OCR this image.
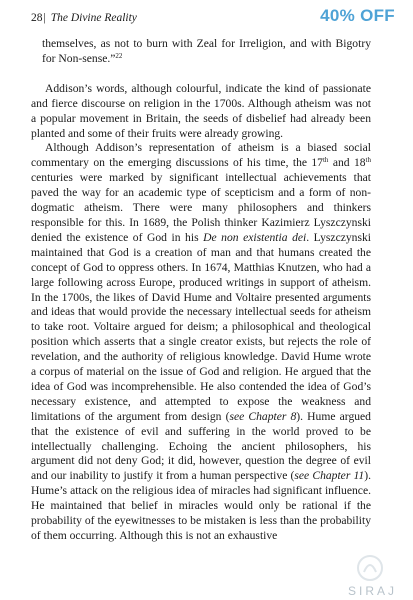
28| The Divine Reality	40% OFF

themselves, as not to burn with Zeal for Irreligion, and with Bigotry for Non-sense.”$^{22}$

Addison’s words, although colourful, indicate the kind of passionate and fierce discourse on religion in the 1700s. Although atheism was not a popular movement in Britain, the seeds of disbelief had already been planted and some of their fruits were already growing.

Although Addison’s representation of atheism is a biased social commentary on the emerging discussions of his time, the 17th and 18th centuries were marked by significant intellectual achievements that paved the way for an academic type of scepticism and a form of non-dogmatic atheism. There were many philosophers and thinkers responsible for this. In 1689, the Polish thinker Kazimierz Lyszczynski denied the existence of God in his De non existentia dei. Lyszczynski maintained that God is a creation of man and that humans created the concept of God to oppress others. In 1674, Matthias Knutzen, who had a large following across Europe, produced writings in support of atheism. In the 1700s, the likes of David Hume and Voltaire presented arguments and ideas that would provide the necessary intellectual seeds for atheism to take root. Voltaire argued for deism; a philosophical and theological position which asserts that a single creator exists, but rejects the role of revelation, and the authority of religious knowledge. David Hume wrote a corpus of material on the issue of God and religion. He argued that the idea of God was incomprehensible. He also contended the idea of God’s necessary existence, and attempted to expose the weakness and limitations of the argument from design (see Chapter 8). Hume argued that the existence of evil and suffering in the world proved to be intellectually challenging. Echoing the ancient philosophers, his argument did not deny God; it did, however, question the degree of evil and our inability to justify it from a human perspective (see Chapter 11). Hume’s attack on the religious idea of miracles had significant influence. He maintained that belief in miracles would only be rational if the probability of the eyewitnesses to be mistaken is less than the probability of them occurring. Although this is not an exhaustive

SIRAJ
